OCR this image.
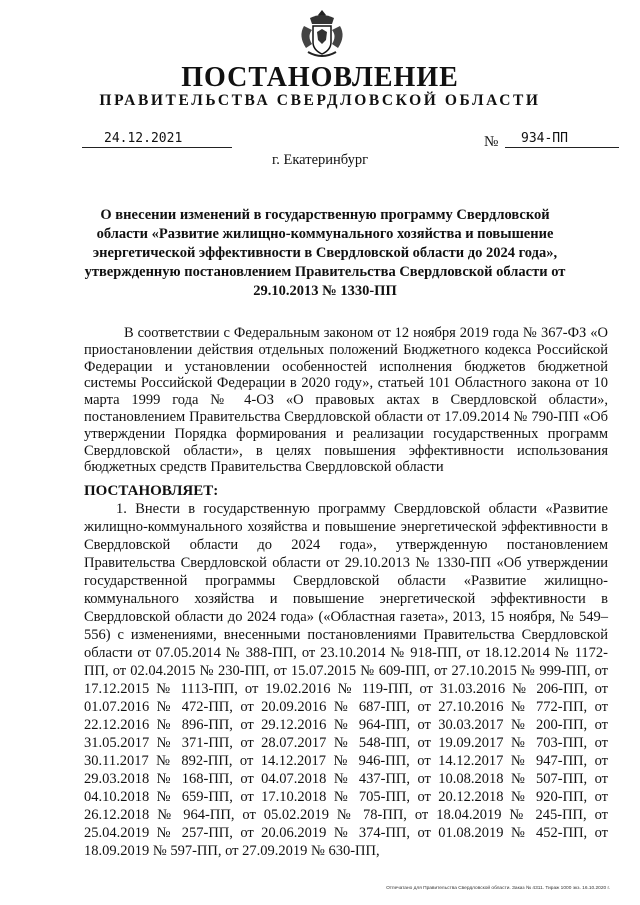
ПОСТАНОВЛЕНИЕ
ПРАВИТЕЛЬСТВА СВЕРДЛОВСКОЙ ОБЛАСТИ
24.12.2021	№	934-ПП
г. Екатеринбург
О внесении изменений в государственную программу Свердловской области «Развитие жилищно-коммунального хозяйства и повышение энергетической эффективности в Свердловской области до 2024 года», утвержденную постановлением Правительства Свердловской области от 29.10.2013 № 1330-ПП

В соответствии с Федеральным законом от 12 ноября 2019 года № 367-ФЗ «О приостановлении действия отдельных положений Бюджетного кодекса Российской Федерации и установлении особенностей исполнения бюджетов бюджетной системы Российской Федерации в 2020 году», статьей 101 Областного закона от 10 марта 1999 года № 4-ОЗ «О правовых актах в Свердловской области», постановлением Правительства Свердловской области от 17.09.2014 № 790-ПП «Об утверждении Порядка формирования и реализации государственных программ Свердловской области», в целях повышения эффективности использования бюджетных средств Правительства Свердловской области

ПОСТАНОВЛЯЕТ:

1. Внести в государственную программу Свердловской области «Развитие жилищно-коммунального хозяйства и повышение энергетической эффективности в Свердловской области до 2024 года», утвержденную постановлением Правительства Свердловской области от 29.10.2013 № 1330-ПП «Об утверждении государственной программы Свердловской области «Развитие жилищно-коммунального хозяйства и повышение энергетической эффективности в Свердловской области до 2024 года» («Областная газета», 2013, 15 ноября, № 549–556) с изменениями, внесенными постановлениями Правительства Свердловской области от 07.05.2014 № 388-ПП, от 23.10.2014 № 918-ПП, от 18.12.2014 № 1172-ПП, от 02.04.2015 № 230-ПП, от 15.07.2015 № 609-ПП, от 27.10.2015 № 999-ПП, от 17.12.2015 № 1113-ПП, от 19.02.2016 № 119-ПП, от 31.03.2016 № 206-ПП, от 01.07.2016 № 472-ПП, от 20.09.2016 № 687-ПП, от 27.10.2016 № 772-ПП, от 22.12.2016 № 896-ПП, от 29.12.2016 № 964-ПП, от 30.03.2017 № 200-ПП, от 31.05.2017 № 371-ПП, от 28.07.2017 № 548-ПП, от 19.09.2017 № 703-ПП, от 30.11.2017 № 892-ПП, от 14.12.2017 № 946-ПП, от 14.12.2017 № 947-ПП, от 29.03.2018 № 168-ПП, от 04.07.2018 № 437-ПП, от 10.08.2018 № 507-ПП, от 04.10.2018 № 659-ПП, от 17.10.2018 № 705-ПП, от 20.12.2018 № 920-ПП, от 26.12.2018 № 964-ПП, от 05.02.2019 № 78-ПП, от 18.04.2019 № 245-ПП, от 25.04.2019 № 257-ПП, от 20.06.2019 № 374-ПП, от 01.08.2019 № 452-ПП, от 18.09.2019 № 597-ПП, от 27.09.2019 № 630-ПП,

Отпечатано для Правительства Свердловской области. Заказ № 4311. Тираж 1000 экз. 16.10.2020 г.
